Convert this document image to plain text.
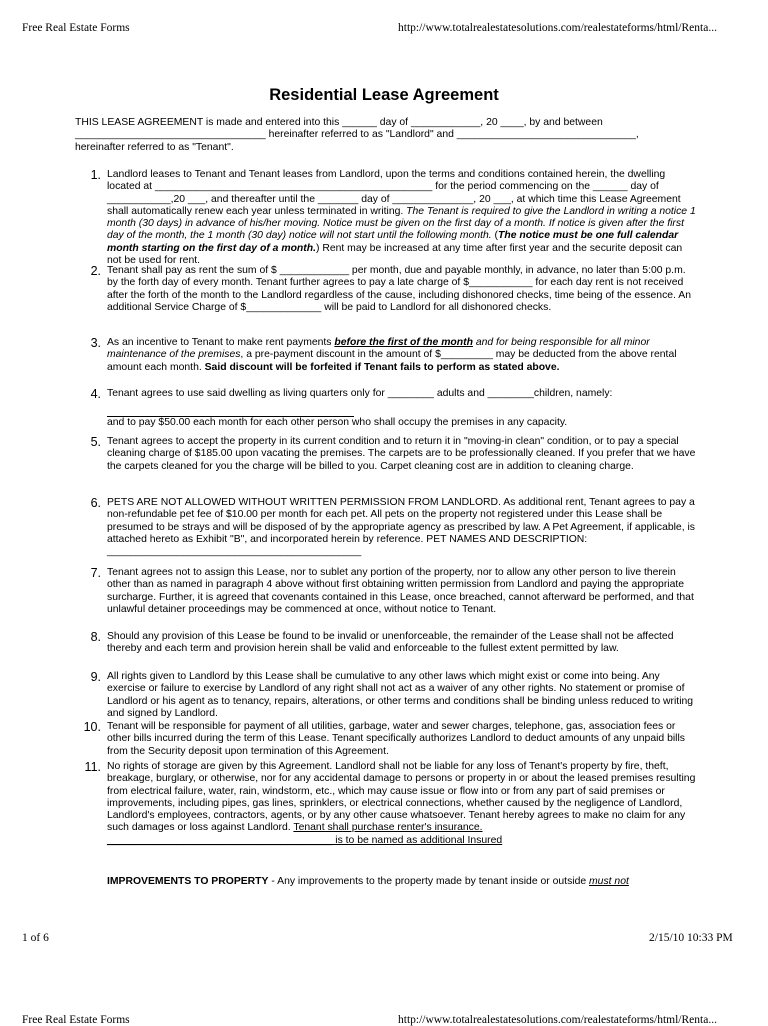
Free Real Estate Forms	http://www.totalrealestatesolutions.com/realestateforms/html/Renta...
Residential Lease Agreement
THIS LEASE AGREEMENT is made and entered into this ______ day of ____________, 20 ____, by and between
_________________________________ hereinafter referred to as "Landlord" and _______________________________,
hereinafter referred to as "Tenant".
1. Landlord leases to Tenant and Tenant leases from Landlord, upon the terms and conditions contained herein, the dwelling located at ________________________________________________ for the period commencing on the ______ day of ___________,20 ___, and thereafter until the _______ day of ______________, 20 ___, at which time this Lease Agreement shall automatically renew each year unless terminated in writing. The Tenant is required to give the Landlord in writing a notice 1 month (30 days) in advance of his/her moving. Notice must be given on the first day of a month. If notice is given after the first day of the month, the 1 month (30 day) notice will not start until the following month. (The notice must be one full calendar month starting on the first day of a month.) Rent may be increased at any time after first year and the securite deposit can not be used for rent.
2. Tenant shall pay as rent the sum of $ ____________ per month, due and payable monthly, in advance, no later than 5:00 p.m. by the forth day of every month. Tenant further agrees to pay a late charge of $___________ for each day rent is not received after the forth of the month to the Landlord regardless of the cause, including dishonored checks, time being of the essence. An additional Service Charge of $_____________ will be paid to Landlord for all dishonored checks.
3. As an incentive to Tenant to make rent payments before the first of the month and for being responsible for all minor maintenance of the premises, a pre-payment discount in the amount of $_________ may be deducted from the above rental amount each month. Said discount will be forfeited if Tenant fails to perform as stated above.
4. Tenant agrees to use said dwelling as living quarters only for ________ adults and ________children, namely:
and to pay $50.00 each month for each other person who shall occupy the premises in any capacity.
5. Tenant agrees to accept the property in its current condition and to return it in "moving-in clean" condition, or to pay a special cleaning charge of $185.00 upon vacating the premises. The carpets are to be professionally cleaned. If you prefer that we have the carpets cleaned for you the charge will be billed to you. Carpet cleaning cost are in addition to cleaning charge.
6. PETS ARE NOT ALLOWED WITHOUT WRITTEN PERMISSION FROM LANDLORD. As additional rent, Tenant agrees to pay a non-refundable pet fee of $10.00 per month for each pet. All pets on the property not registered under this Lease shall be presumed to be strays and will be disposed of by the appropriate agency as prescribed by law. A Pet Agreement, if applicable, is attached hereto as Exhibit "B", and incorporated herein by reference. PET NAMES AND DESCRIPTION: ____________________________________________
7. Tenant agrees not to assign this Lease, nor to sublet any portion of the property, nor to allow any other person to live therein other than as named in paragraph 4 above without first obtaining written permission from Landlord and paying the appropriate surcharge. Further, it is agreed that covenants contained in this Lease, once breached, cannot afterward be performed, and that unlawful detainer proceedings may be commenced at once, without notice to Tenant.
8. Should any provision of this Lease be found to be invalid or unenforceable, the remainder of the Lease shall not be affected thereby and each term and provision herein shall be valid and enforceable to the fullest extent permitted by law.
9. All rights given to Landlord by this Lease shall be cumulative to any other laws which might exist or come into being. Any exercise or failure to exercise by Landlord of any right shall not act as a waiver of any other rights. No statement or promise of Landlord or his agent as to tenancy, repairs, alterations, or other terms and conditions shall be binding unless reduced to writing and signed by Landlord.
10. Tenant will be responsible for payment of all utilities, garbage, water and sewer charges, telephone, gas, association fees or other bills incurred during the term of this Lease. Tenant specifically authorizes Landlord to deduct amounts of any unpaid bills from the Security deposit upon termination of this Agreement.
11. No rights of storage are given by this Agreement. Landlord shall not be liable for any loss of Tenant's property by fire, theft, breakage, burglary, or otherwise, nor for any accidental damage to persons or property in or about the leased premises resulting from electrical failure, water, rain, windstorm, etc., which may cause issue or flow into or from any part of said premises or improvements, including pipes, gas lines, sprinklers, or electrical connections, whether caused by the negligence of Landlord, Landlord's employees, contractors, agents, or by any other cause whatsoever. Tenant hereby agrees to make no claim for any such damages or loss against Landlord. Tenant shall purchase renter's insurance. _______________________________________ is to be named as additional Insured
IMPROVEMENTS TO PROPERTY - Any improvements to the property made by tenant inside or outside must not
1 of 6	2/15/10 10:33 PM
Free Real Estate Forms	http://www.totalrealestatesolutions.com/realestateforms/html/Renta...
